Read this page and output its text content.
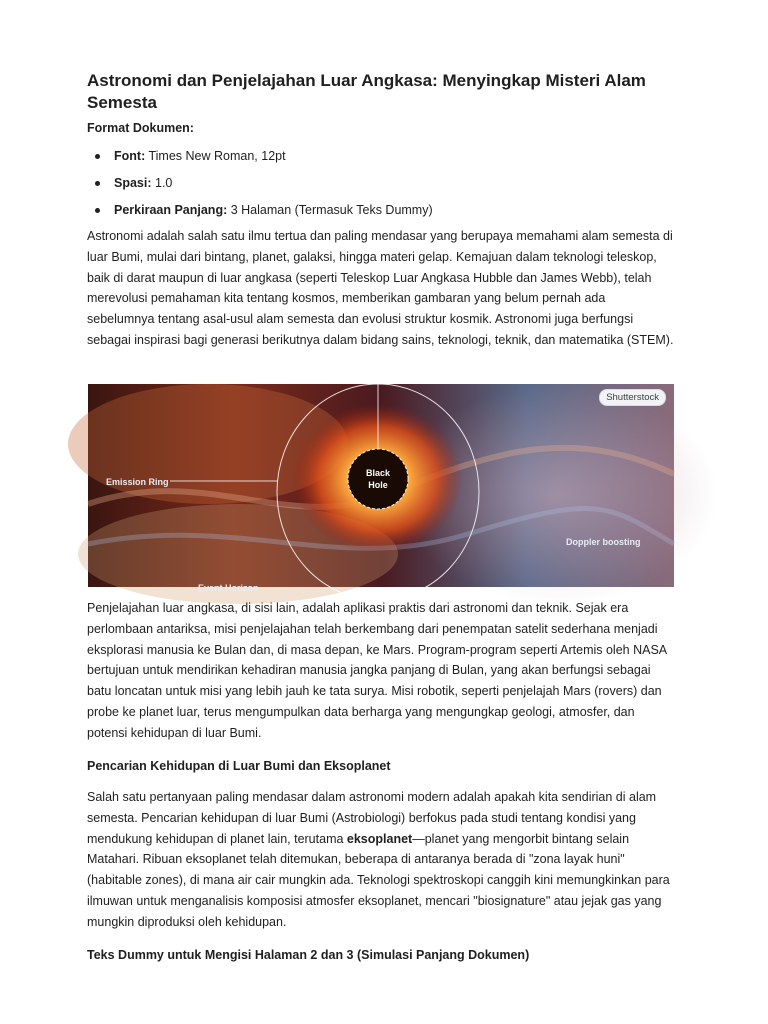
Astronomi dan Penjelajahan Luar Angkasa: Menyingkap Misteri Alam Semesta

Format Dokumen:

Font: Times New Roman, 12pt
Spasi: 1.0
Perkiraan Panjang: 3 Halaman (Termasuk Teks Dummy)

Astronomi adalah salah satu ilmu tertua dan paling mendasar yang berupaya memahami alam semesta di luar Bumi, mulai dari bintang, planet, galaksi, hingga materi gelap. Kemajuan dalam teknologi teleskop, baik di darat maupun di luar angkasa (seperti Teleskop Luar Angkasa Hubble dan James Webb), telah merevolusi pemahaman kita tentang kosmos, memberikan gambaran yang belum pernah ada sebelumnya tentang asal-usul alam semesta dan evolusi struktur kosmik. Astronomi juga berfungsi sebagai inspirasi bagi generasi berikutnya dalam bidang sains, teknologi, teknik, dan matematika (STEM).

Emission Ring
Black
Hole
Doppler boosting
Event Horizon
Shutterstock

Penjelajahan luar angkasa, di sisi lain, adalah aplikasi praktis dari astronomi dan teknik. Sejak era perlombaan antariksa, misi penjelajahan telah berkembang dari penempatan satelit sederhana menjadi eksplorasi manusia ke Bulan dan, di masa depan, ke Mars. Program-program seperti Artemis oleh NASA bertujuan untuk mendirikan kehadiran manusia jangka panjang di Bulan, yang akan berfungsi sebagai batu loncatan untuk misi yang lebih jauh ke tata surya. Misi robotik, seperti penjelajah Mars (rovers) dan probe ke planet luar, terus mengumpulkan data berharga yang mengungkap geologi, atmosfer, dan potensi kehidupan di luar Bumi.

Pencarian Kehidupan di Luar Bumi dan Eksoplanet

Salah satu pertanyaan paling mendasar dalam astronomi modern adalah apakah kita sendirian di alam semesta. Pencarian kehidupan di luar Bumi (Astrobiologi) berfokus pada studi tentang kondisi yang mendukung kehidupan di planet lain, terutama eksoplanet—planet yang mengorbit bintang selain Matahari. Ribuan eksoplanet telah ditemukan, beberapa di antaranya berada di "zona layak huni" (habitable zones), di mana air cair mungkin ada. Teknologi spektroskopi canggih kini memungkinkan para ilmuwan untuk menganalisis komposisi atmosfer eksoplanet, mencari "biosignature" atau jejak gas yang mungkin diproduksi oleh kehidupan.

Teks Dummy untuk Mengisi Halaman 2 dan 3 (Simulasi Panjang Dokumen)
